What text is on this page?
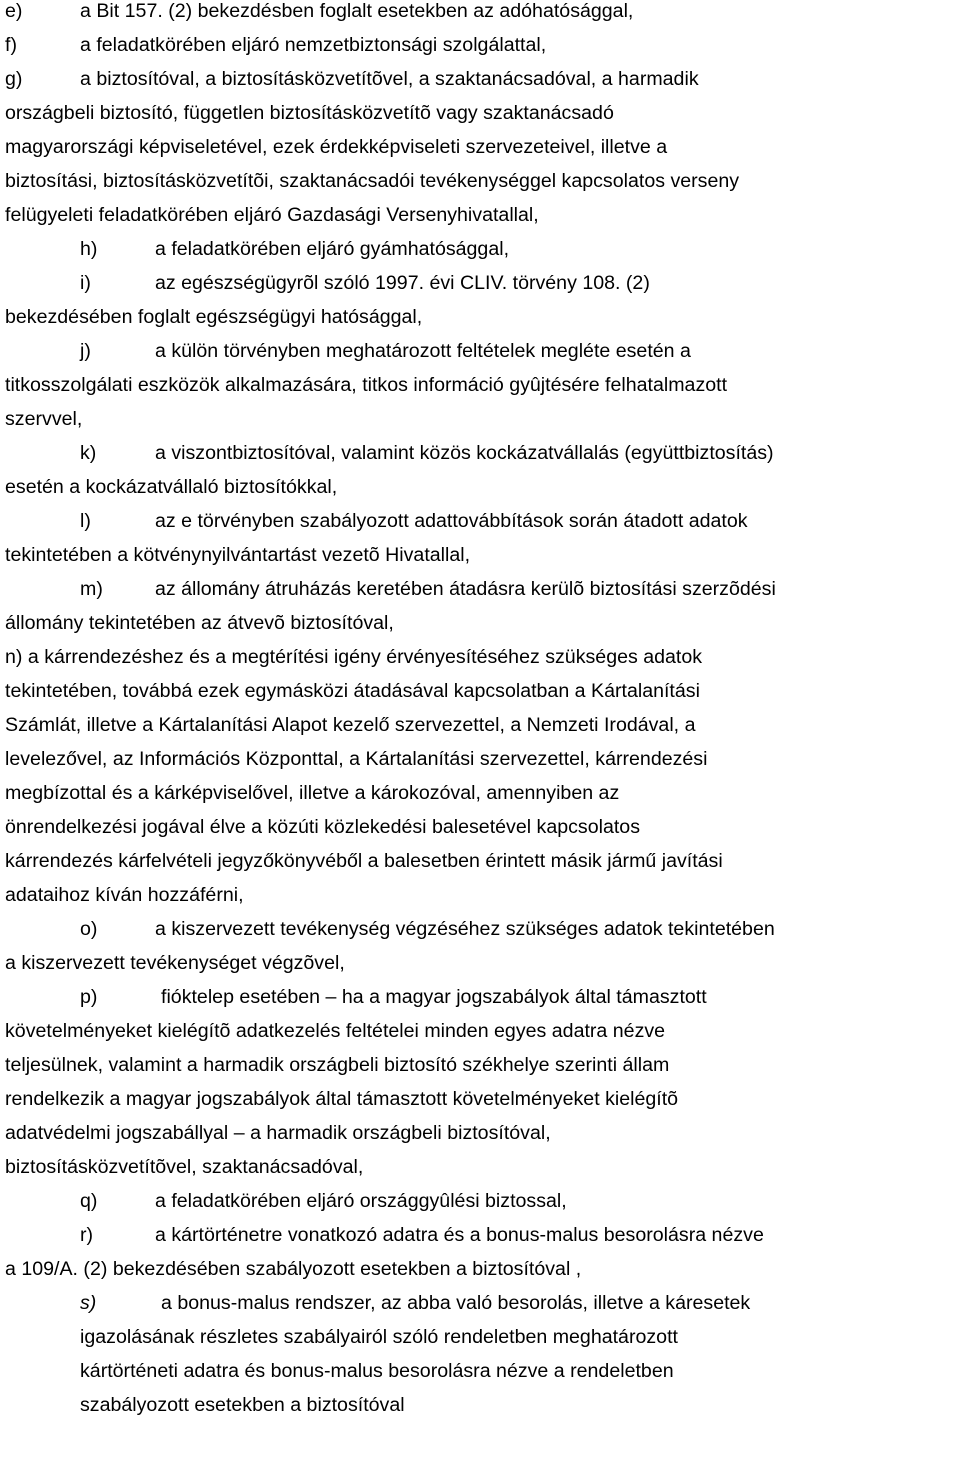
e)	a Bit 157. (2) bekezdésben foglalt esetekben az adóhatósággal,
f)	a feladatkörében eljáró nemzetbiztonsági szolgálattal,
g)	a biztosítóval, a biztosításközvetítõvel, a szaktanácsadóval, a harmadik
országbeli biztosító, független biztosításközvetítõ vagy szaktanácsadó
magyarországi képviseletével, ezek érdekképviseleti szervezeteivel, illetve a
biztosítási, biztosításközvetítõi, szaktanácsadói tevékenységgel kapcsolatos verseny
felügyeleti feladatkörében eljáró Gazdasági Versenyhivatallal,
h)	a feladatkörében eljáró gyámhatósággal,
i)	az egészségügyrõl szóló 1997. évi CLIV. törvény 108. (2)
bekezdésében foglalt egészségügyi hatósággal,
j)	a külön törvényben meghatározott feltételek megléte esetén a
titkosszolgálati eszközök alkalmazására, titkos információ gyûjtésére felhatalmazott
szervvel,
k)	a viszontbiztosítóval, valamint közös kockázatvállalás (együttbiztosítás)
esetén a kockázatvállaló biztosítókkal,
l)	az e törvényben szabályozott adattovábbítások során átadott adatok
tekintetében a kötvénynyilvántartást vezetõ Hivatallal,
m)	az állomány átruházás keretében átadásra kerülõ biztosítási szerzõdési
állomány tekintetében az átvevõ biztosítóval,
n) a kárrendezéshez és a megtérítési igény érvényesítéséhez szükséges adatok
tekintetében, továbbá ezek egymásközi átadásával kapcsolatban a Kártalanítási
Számlát, illetve a Kártalanítási Alapot kezelő szervezettel, a Nemzeti Irodával, a
levelezővel, az Információs Központtal, a Kártalanítási szervezettel, kárrendezési
megbízottal és a kárképviselővel, illetve a károkozóval, amennyiben az
önrendelkezési jogával élve a közúti közlekedési balesetével kapcsolatos
kárrendezés kárfelvételi jegyzőkönyvéből a balesetben érintett másik jármű javítási
adataihoz kíván hozzáférni,
o)	a kiszervezett tevékenység végzéséhez szükséges adatok tekintetében
a kiszervezett tevékenységet végzõvel,
p)	fióktelep esetében – ha a magyar jogszabályok által támasztott
követelményeket kielégítõ adatkezelés feltételei minden egyes adatra nézve
teljesülnek, valamint a harmadik országbeli biztosító székhelye szerinti állam
rendelkezik a magyar jogszabályok által támasztott követelményeket kielégítõ
adatvédelmi jogszabállyal – a harmadik országbeli biztosítóval,
biztosításközvetítõvel, szaktanácsadóval,
q)	a feladatkörében eljáró országgyûlési biztossal,
r)	a kártörténetre vonatkozó adatra és a bonus-malus besorolásra nézve
a 109/A. (2) bekezdésében szabályozott esetekben a biztosítóval ,
s)	a bonus-malus rendszer, az abba való besorolás, illetve a káresetek
igazolásának részletes szabályairól szóló rendeletben meghatározott
kártörténeti adatra és bonus-malus besorolásra nézve a rendeletben
szabályozott esetekben a biztosítóval
